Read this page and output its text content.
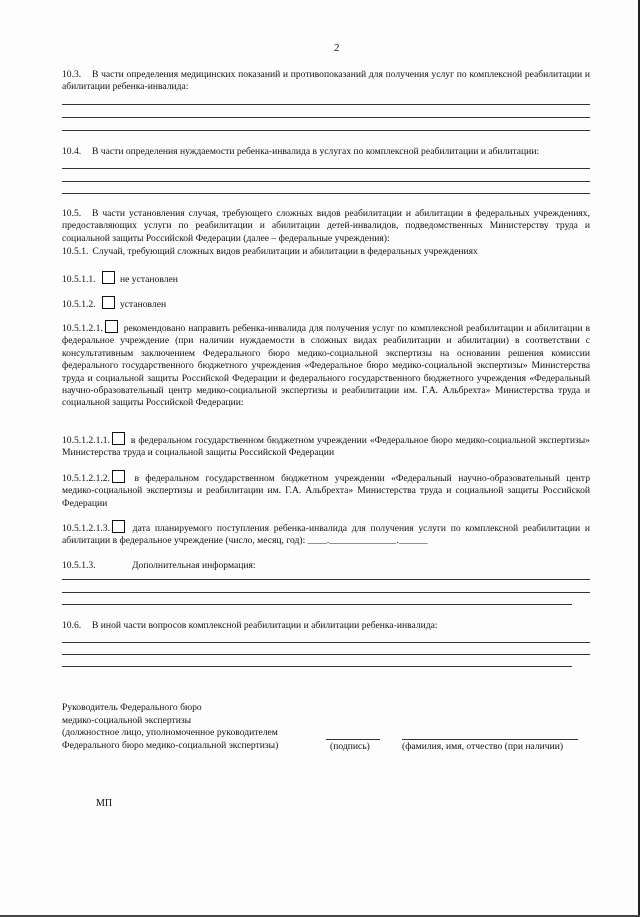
2
10.3. В части определения медицинских показаний и противопоказаний для получения услуг по комплексной реабилитации и абилитации ребенка-инвалида:
10.4. В части определения нуждаемости ребенка-инвалида в услугах по комплексной реабилитации и абилитации:
10.5. В части установления случая, требующего сложных видов реабилитации и абилитации в федеральных учреждениях, предоставляющих услуги по реабилитации и абилитации детей-инвалидов, подведомственных Министерству труда и социальной защиты Российской Федерации (далее – федеральные учреждения):
10.5.1. Случай, требующий сложных видов реабилитации и абилитации в федеральных учреждениях
10.5.1.1.	не установлен
10.5.1.2.	установлен
10.5.1.2.1. рекомендовано направить ребенка-инвалида для получения услуг по комплексной реабилитации и абилитации в федеральное учреждение (при наличии нуждаемости в сложных видах реабилитации и абилитации) в соответствии с консультативным заключением Федерального бюро медико-социальной экспертизы на основании решения комиссии федерального государственного бюджетного учреждения «Федеральное бюро медико-социальной экспертизы» Министерства труда и социальной защиты Российской Федерации и федерального государственного бюджетного учреждения «Федеральный научно-образовательный центр медико-социальной экспертизы и реабилитации им. Г.А. Альбрехта» Министерства труда и социальной защиты Российской Федерации:
10.5.1.2.1.1. в федеральном государственном бюджетном учреждении «Федеральное бюро медико-социальной экспертизы» Министерства труда и социальной защиты Российской Федерации
10.5.1.2.1.2.	в федеральном государственном бюджетном учреждении «Федеральный научно-образовательный центр медико-социальной экспертизы и реабилитации им. Г.А. Альбрехта» Министерства труда и социальной защиты Российской Федерации
10.5.1.2.1.3. дата планируемого поступления ребенка-инвалида для получения услуги по комплексной реабилитации и абилитации в федеральное учреждение (число, месяц, год): ____.______________.______
10.5.1.3.	Дополнительная информация:
10.6. В иной части вопросов комплексной реабилитации и абилитации ребенка-инвалида:
Руководитель Федерального бюро
медико-социальной экспертизы
(должностное лицо, уполномоченное руководителем
Федерального бюро медико-социальной экспертизы)	(подпись)	(фамилия, имя, отчество (при наличии)
МП
